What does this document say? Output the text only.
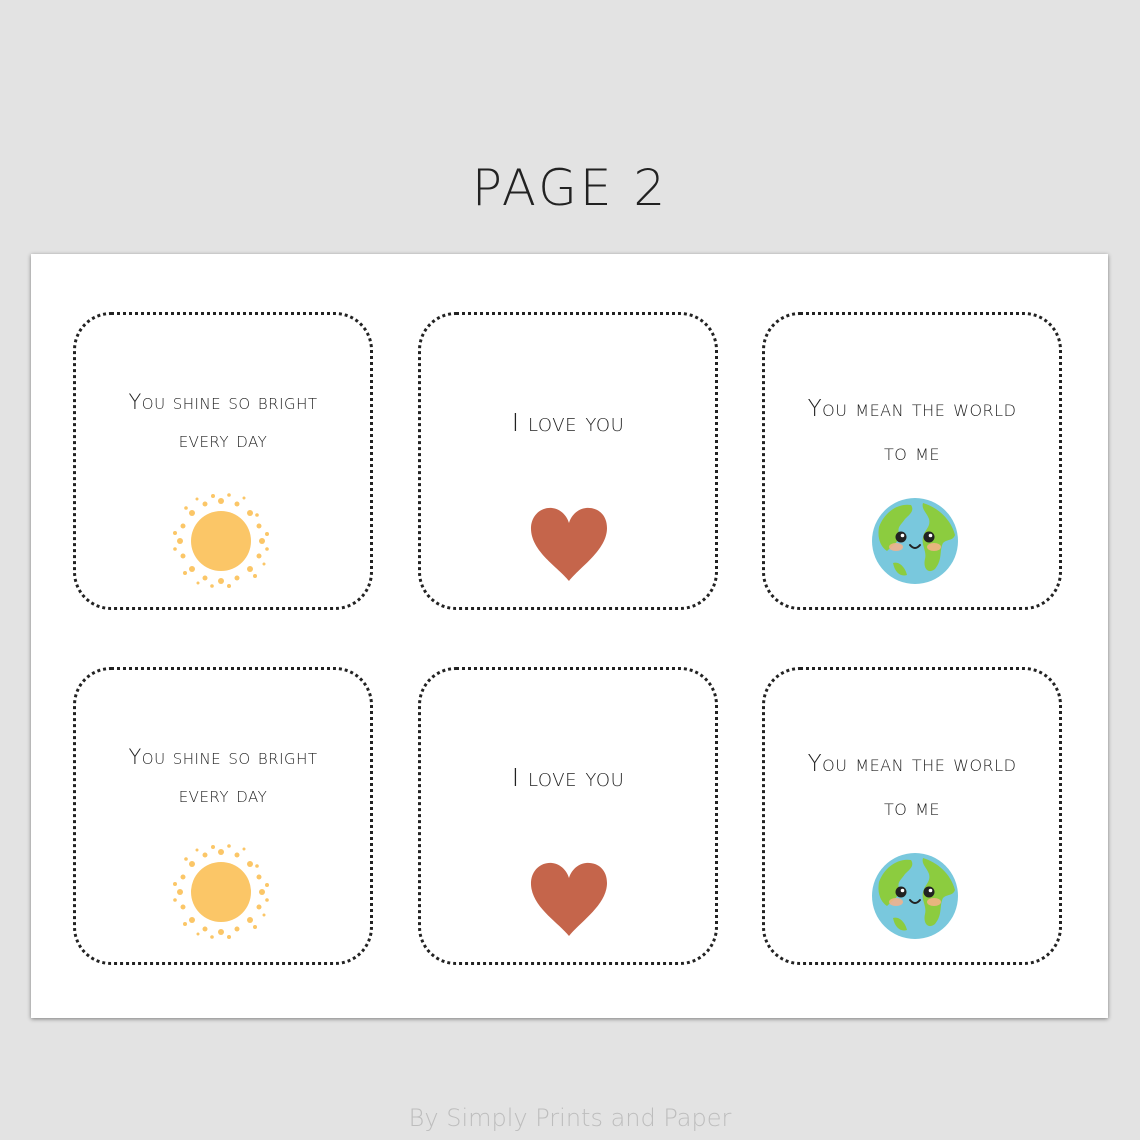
PAGE 2
You shine so bright
every day
I love you	You mean the world
to me
You shine so bright
every day
I love you	You mean the world
to me
By Simply Prints and Paper
